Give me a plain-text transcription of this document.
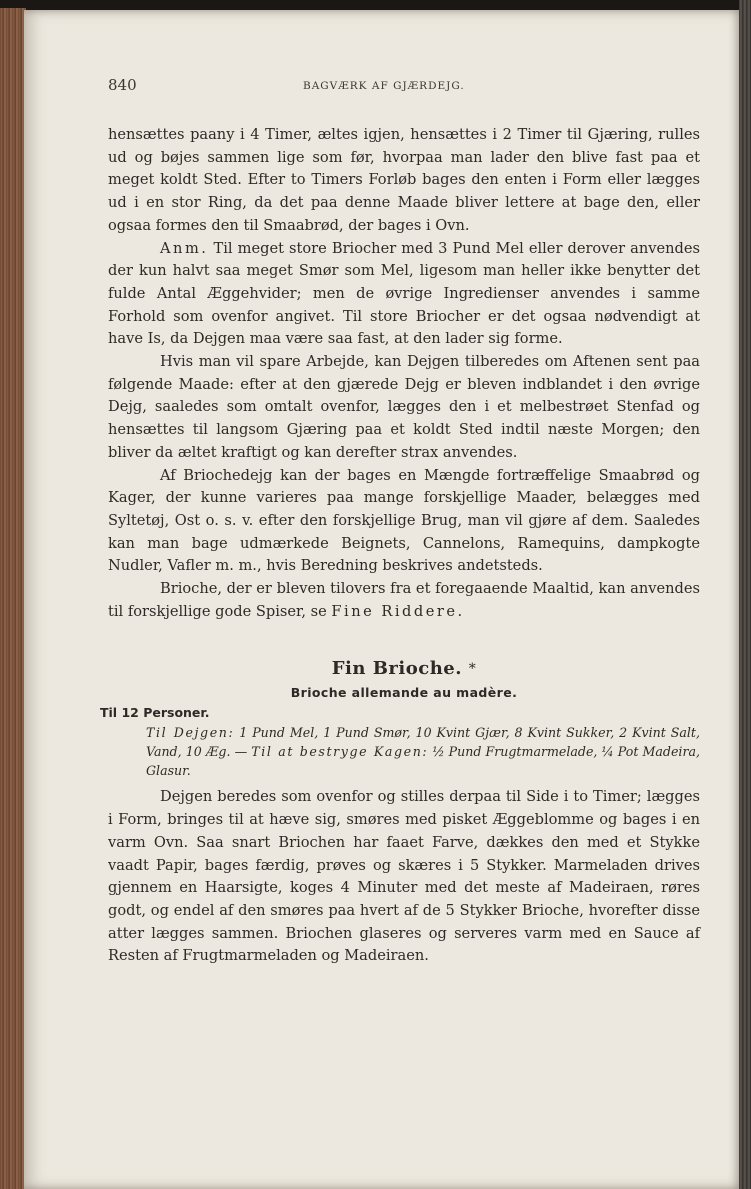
840	BAGVÆRK AF GJÆRDEJG.

hensættes paany i 4 Timer, æltes igjen, hensættes i 2 Timer til Gjæring, rulles ud og bøjes sammen lige som før, hvorpaa man lader den blive fast paa et meget koldt Sted. Efter to Timers Forløb bages den enten i Form eller lægges ud i en stor Ring, da det paa denne Maade bliver lettere at bage den, eller ogsaa formes den til Smaabrød, der bages i Ovn.

Anm. Til meget store Briocher med 3 Pund Mel eller derover anvendes der kun halvt saa meget Smør som Mel, ligesom man heller ikke benytter det fulde Antal Æggehvider; men de øvrige Ingredienser anvendes i samme Forhold som ovenfor angivet. Til store Briocher er det ogsaa nødvendigt at have Is, da Dejgen maa være saa fast, at den lader sig forme.

Hvis man vil spare Arbejde, kan Dejgen tilberedes om Aftenen sent paa følgende Maade: efter at den gjærede Dejg er bleven indblandet i den øvrige Dejg, saaledes som omtalt ovenfor, lægges den i et melbestrøet Stenfad og hensættes til langsom Gjæring paa et koldt Sted indtil næste Morgen; den bliver da æltet kraftigt og kan derefter strax anvendes.

Af Briochedejg kan der bages en Mængde fortræffelige Smaabrød og Kager, der kunne varieres paa mange forskjellige Maader, belægges med Syltetøj, Ost o. s. v. efter den forskjellige Brug, man vil gjøre af dem. Saaledes kan man bage udmærkede Beignets, Cannelons, Ramequins, dampkogte Nudler, Vafler m. m., hvis Beredning beskrives andetsteds.

Brioche, der er bleven tilovers fra et foregaaende Maaltid, kan anvendes til forskjellige gode Spiser, se Fine Riddere.

Fin Brioche. *
Brioche allemande au madère.
Til 12 Personer.

Til Dejgen: 1 Pund Mel, 1 Pund Smør, 10 Kvint Gjær, 8 Kvint Sukker, 2 Kvint Salt, Vand, 10 Æg. — Til at bestryge Kagen: ½ Pund Frugtmarmelade, ¼ Pot Madeira, Glasur.

Dejgen beredes som ovenfor og stilles derpaa til Side i to Timer; lægges i Form, bringes til at hæve sig, smøres med pisket Æggeblomme og bages i en varm Ovn. Saa snart Briochen har faaet Farve, dækkes den med et Stykke vaadt Papir, bages færdig, prøves og skæres i 5 Stykker. Marmeladen drives gjennem en Haarsigte, koges 4 Minuter med det meste af Madeiraen, røres godt, og endel af den smøres paa hvert af de 5 Stykker Brioche, hvorefter disse atter lægges sammen. Briochen glaseres og serveres varm med en Sauce af Resten af Frugtmarmeladen og Madeiraen.
